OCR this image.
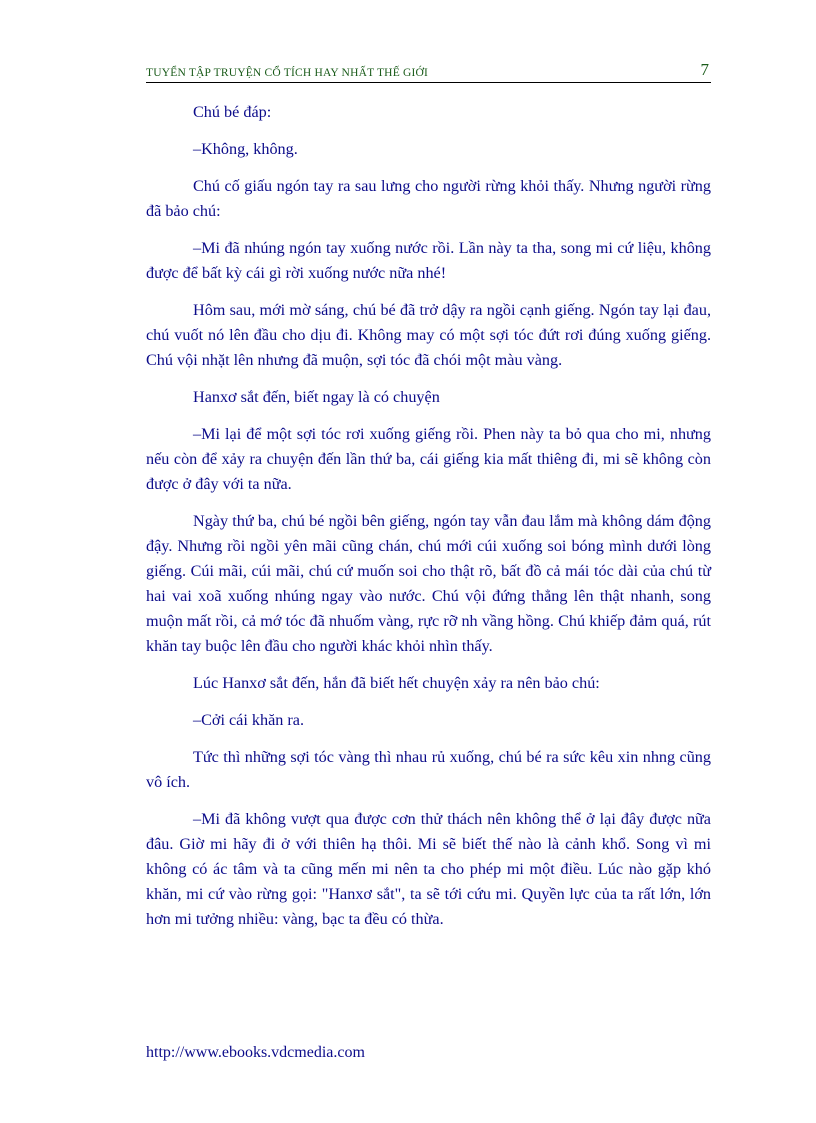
TUYỂN TẬP TRUYỆN CỔ TÍCH HAY NHẤT THẾ GIỚI	7

Chú bé đáp:

–Không, không.

Chú cố giấu ngón tay ra sau lưng cho người rừng khỏi thấy. Nhưng người rừng đã bảo chú:

–Mi đã nhúng ngón tay xuống nước rồi. Lần này ta tha, song mi cứ liệu, không được để bất kỳ cái gì rời xuống nước nữa nhé!

Hôm sau, mới mờ sáng, chú bé đã trở dậy ra ngồi cạnh giếng. Ngón tay lại đau, chú vuốt nó lên đầu cho dịu đi. Không may có một sợi tóc đứt rơi đúng xuống giếng. Chú vội nhặt lên nhưng đã muộn, sợi tóc đã chói một màu vàng.

Hanxơ sắt đến, biết ngay là có chuyện

–Mi lại để một sợi tóc rơi xuống giếng rồi. Phen này ta bỏ qua cho mi, nhưng nếu còn để xảy ra chuyện đến lần thứ ba, cái giếng kia mất thiêng đi, mi sẽ không còn được ở đây với ta nữa.

Ngày thứ ba, chú bé ngồi bên giếng, ngón tay vẫn đau lắm mà không dám động đậy. Nhưng rồi ngồi yên mãi cũng chán, chú mới cúi xuống soi bóng mình dưới lòng giếng. Cúi mãi, cúi mãi, chú cứ muốn soi cho thật rõ, bất đồ cả mái tóc dài của chú từ hai vai xoã xuống nhúng ngay vào nước. Chú vội đứng thẳng lên thật nhanh, song muộn mất rồi, cả mớ tóc đã nhuốm vàng, rực rỡ nh vầng hồng. Chú khiếp đảm quá, rút khăn tay buộc lên đầu cho người khác khỏi nhìn thấy.

Lúc Hanxơ sắt đến, hắn đã biết hết chuyện xảy ra nên bảo chú:

–Cởi cái khăn ra.

Tức thì những sợi tóc vàng thì nhau rủ xuống, chú bé ra sức kêu xin nhng cũng vô ích.

–Mi đã không vượt qua được cơn thử thách nên không thể ở lại đây được nữa đâu. Giờ mi hãy đi ở với thiên hạ thôi. Mi sẽ biết thế nào là cảnh khổ. Song vì mi không có ác tâm và ta cũng mến mi nên ta cho phép mi một điều. Lúc nào gặp khó khăn, mi cứ vào rừng gọi: "Hanxơ sắt", ta sẽ tới cứu mi. Quyền lực của ta rất lớn, lớn hơn mi tưởng nhiều: vàng, bạc ta đều có thừa.

http://www.ebooks.vdcmedia.com
